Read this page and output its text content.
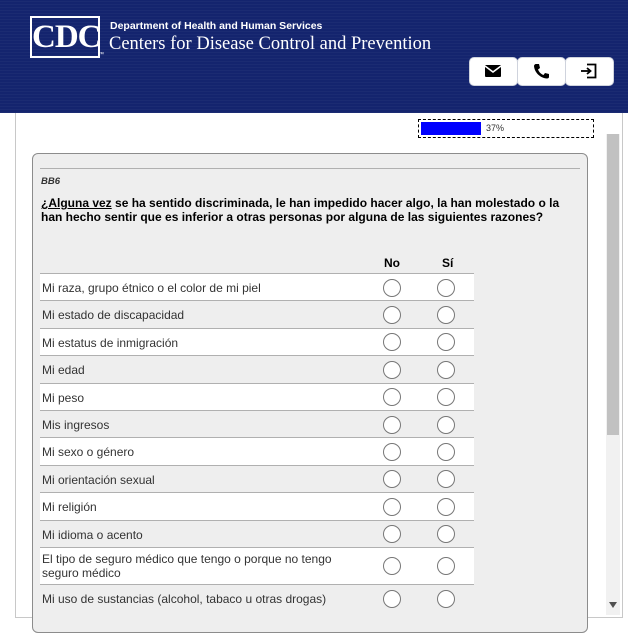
CDC
™
Department of Health and Human Services
Centers for Disease Control and Prevention
37%
BB6
¿Alguna vez se ha sentido discriminada, le han impedido hacer algo, la han molestado o la han hecho sentir que es inferior a otras personas por alguna de las siguientes razones?
No	Sí
Mi raza, grupo étnico o el color de mi piel
Mi estado de discapacidad
Mi estatus de inmigración
Mi edad
Mi peso
Mis ingresos
Mi sexo o género
Mi orientación sexual
Mi religión
Mi idioma o acento
El tipo de seguro médico que tengo o porque no tengo seguro médico
Mi uso de sustancias (alcohol, tabaco u otras drogas)
